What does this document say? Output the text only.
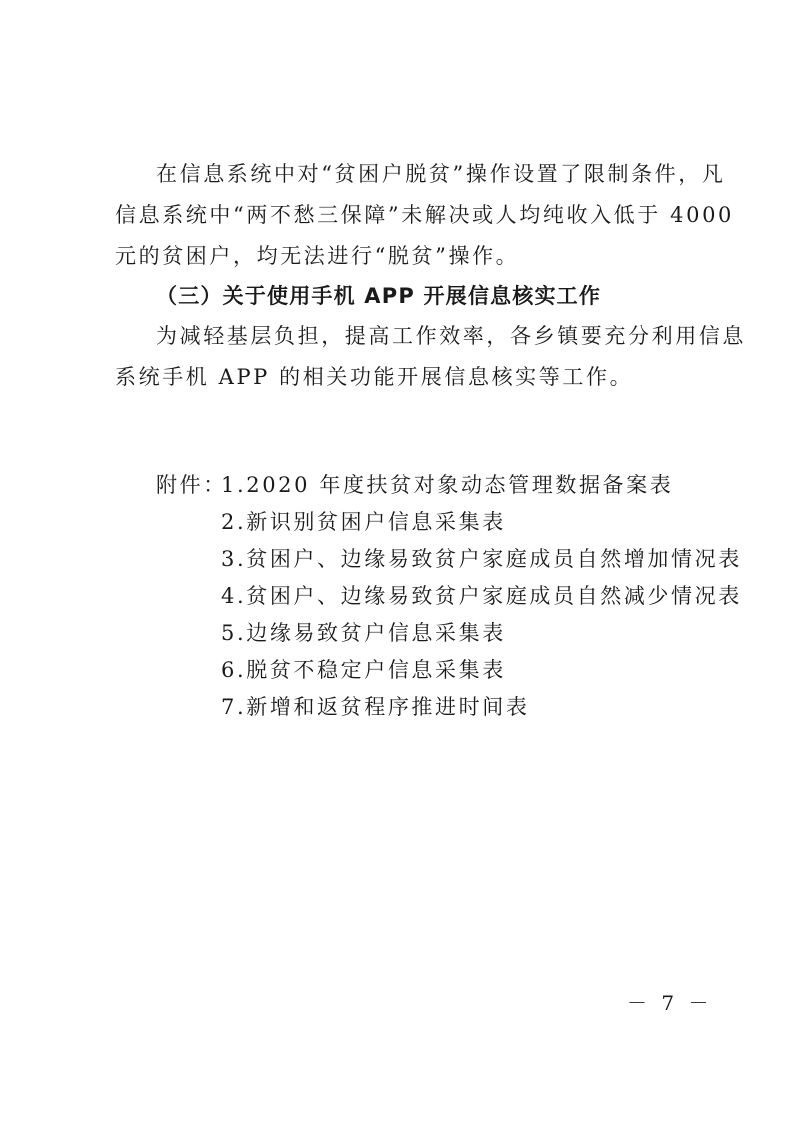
在信息系统中对“贫困户脱贫”操作设置了限制条件，凡
信息系统中“两不愁三保障”未解决或人均纯收入低于 4000
元的贫困户，均无法进行“脱贫”操作。
（三）关于使用手机 APP 开展信息核实工作
为减轻基层负担，提高工作效率，各乡镇要充分利用信息
系统手机 APP 的相关功能开展信息核实等工作。
附件：
1.2020 年度扶贫对象动态管理数据备案表
2.新识别贫困户信息采集表
3.贫困户、边缘易致贫户家庭成员自然增加情况表
4.贫困户、边缘易致贫户家庭成员自然减少情况表
5.边缘易致贫户信息采集表
6.脱贫不稳定户信息采集表
7.新增和返贫程序推进时间表
－ 7 －
